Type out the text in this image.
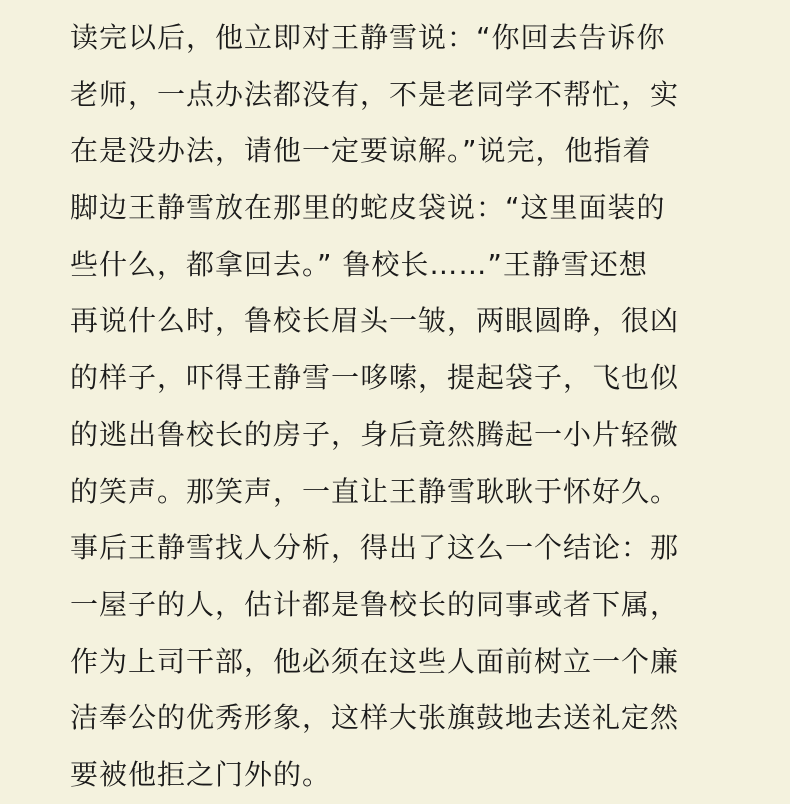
读完以后，他立即对王静雪说：“你回去告诉你
老师，一点办法都没有，不是老同学不帮忙，实
在是没办法，请他一定要谅解。”说完，他指着
脚边王静雪放在那里的蛇皮袋说：“这里面装的
些什么，都拿回去。” 鲁校长……”王静雪还想
再说什么时，鲁校长眉头一皱，两眼圆睁，很凶
的样子，吓得王静雪一哆嗦，提起袋子，飞也似
的逃出鲁校长的房子，身后竟然腾起一小片轻微
的笑声。那笑声，一直让王静雪耿耿于怀好久。
事后王静雪找人分析，得出了这么一个结论：那
一屋子的人，估计都是鲁校长的同事或者下属，
作为上司干部，他必须在这些人面前树立一个廉
洁奉公的优秀形象，这样大张旗鼓地去送礼定然
要被他拒之门外的。
